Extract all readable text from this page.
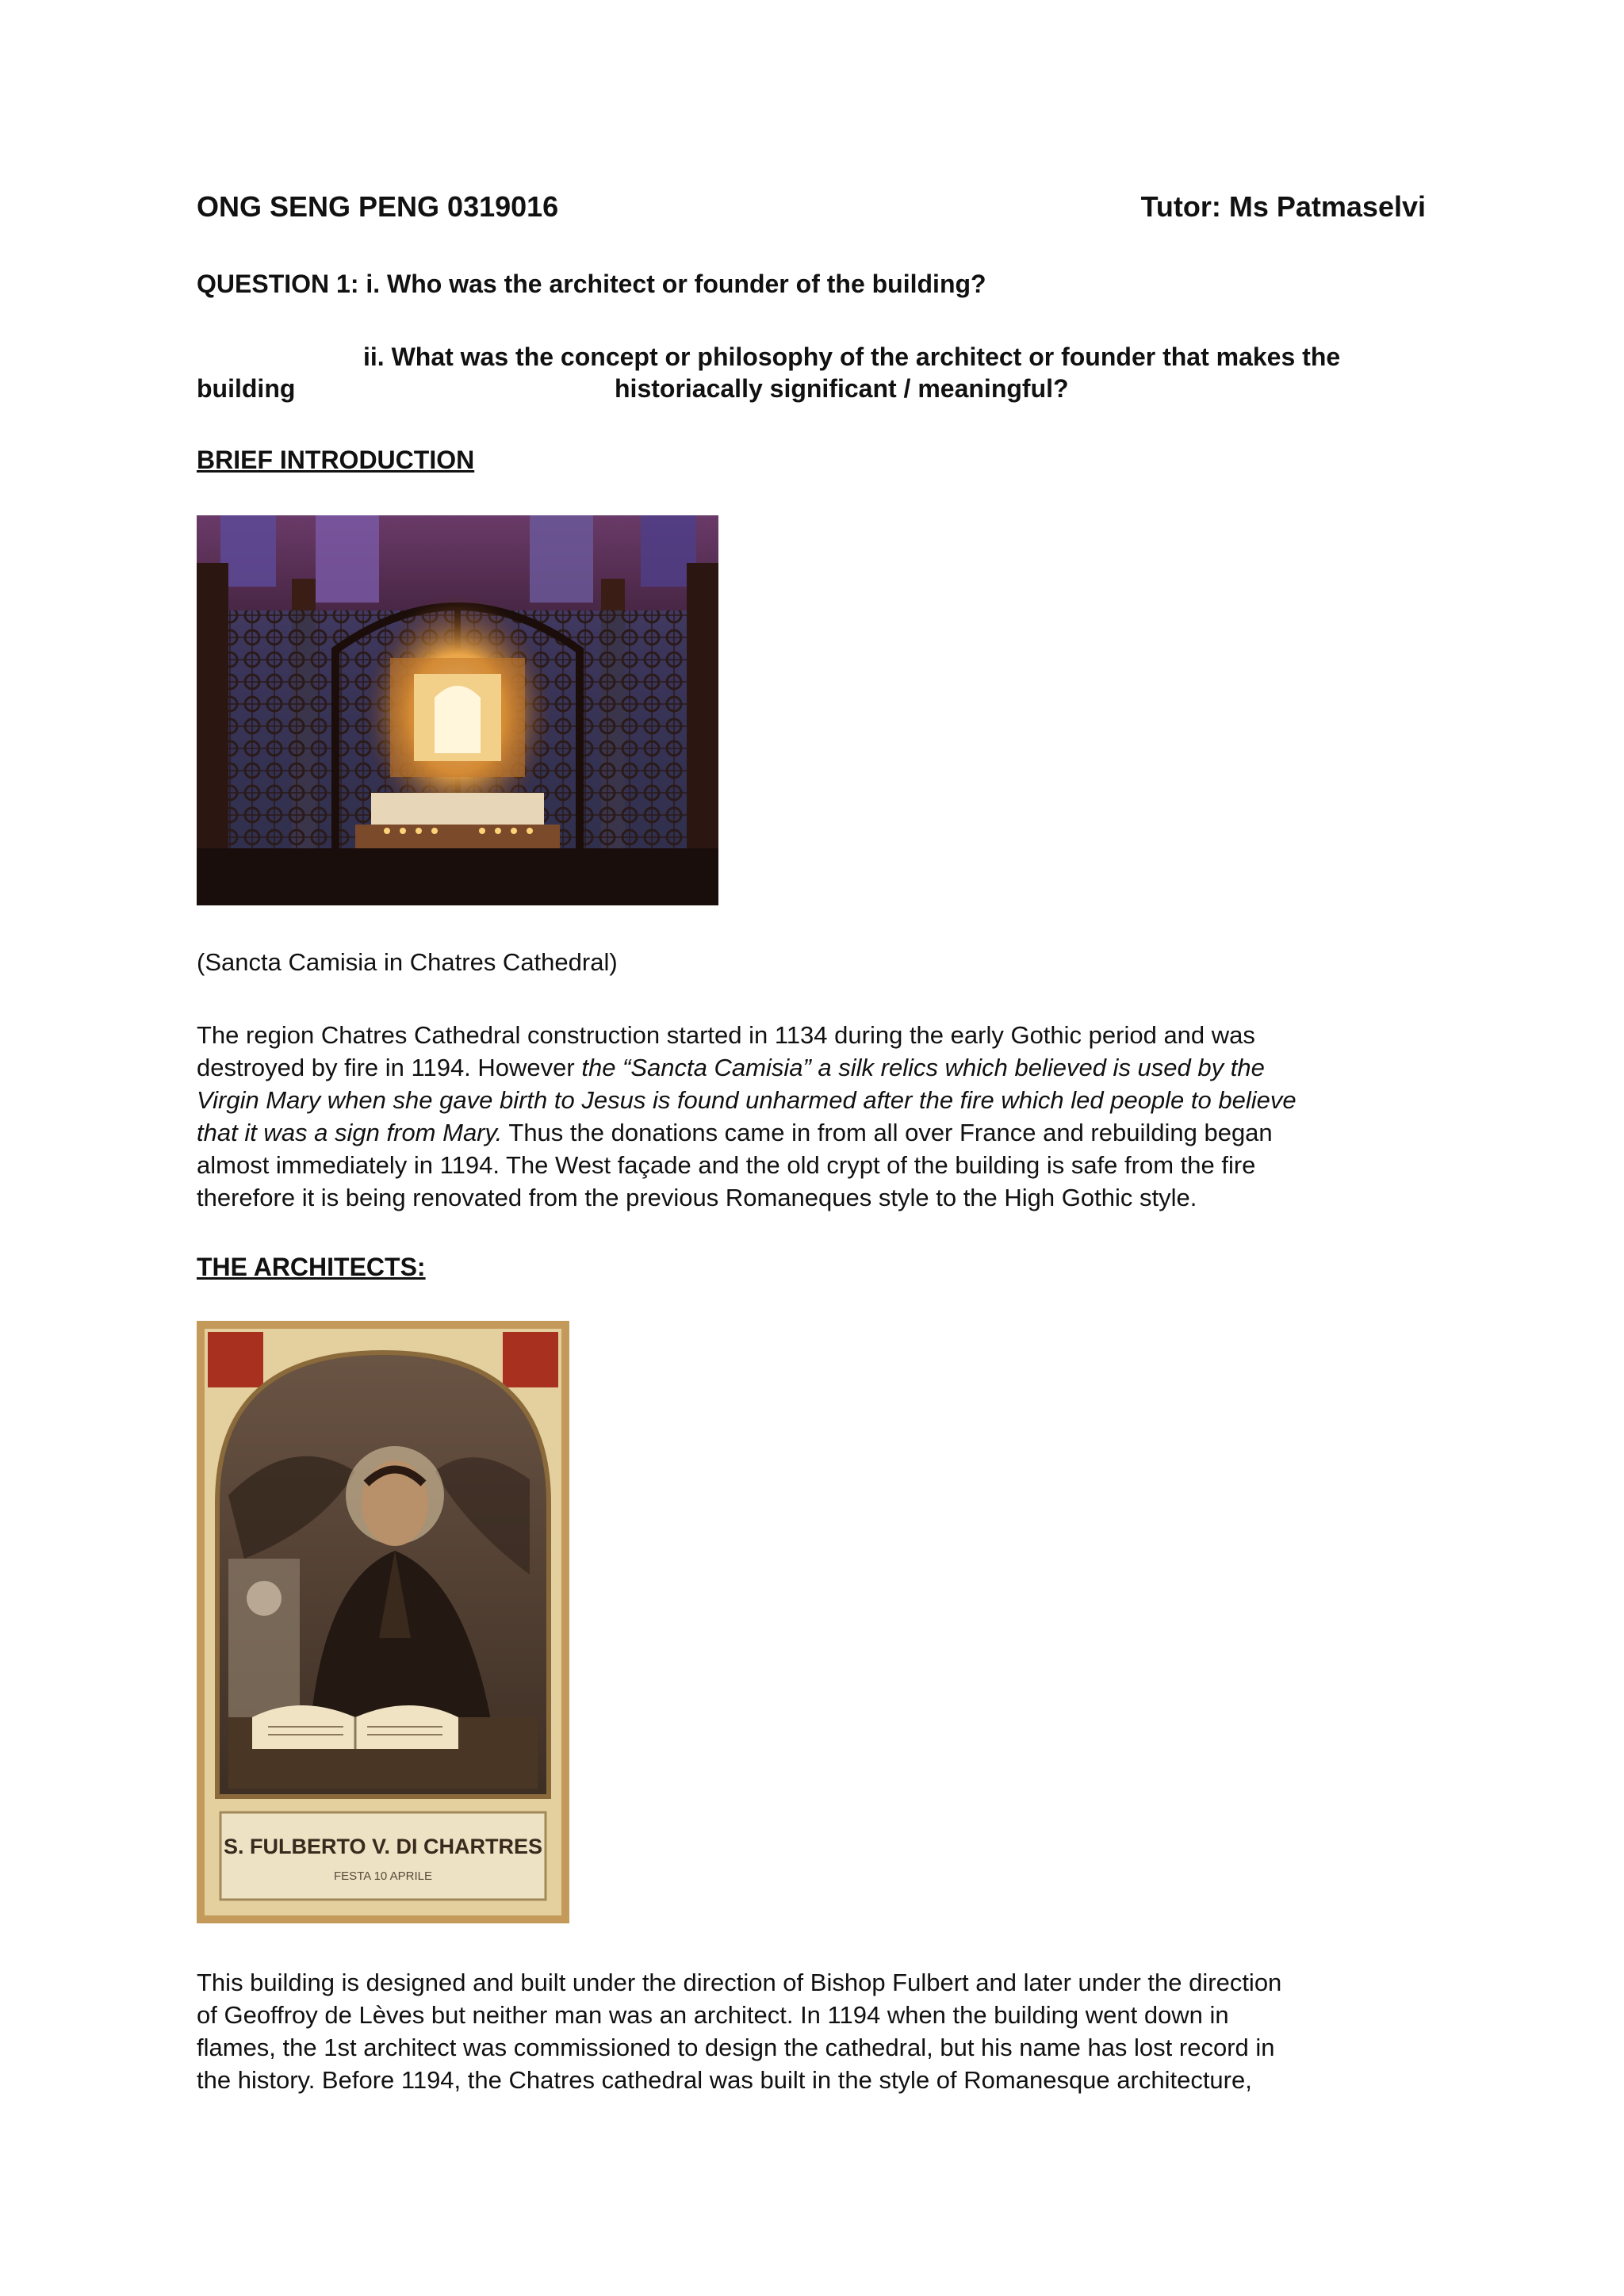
ONG SENG PENG 0319016	Tutor: Ms Patmaselvi
QUESTION 1: i. Who was the architect or founder of the building?
ii. What was the concept or philosophy of the architect or founder that makes the
building	historiacally significant / meaningful?
BRIEF INTRODUCTION
(Sancta Camisia in Chatres Cathedral)
The region Chatres Cathedral construction started in 1134 during the early Gothic period and was
destroyed by fire in 1194. However the “Sancta Camisia” a silk relics which believed is used by the
Virgin Mary when she gave birth to Jesus is found unharmed after the fire which led people to believe
that it was a sign from Mary. Thus the donations came in from all over France and rebuilding began
almost immediately in 1194. The West façade and the old crypt of the building is safe from the fire
therefore it is being renovated from the previous Romaneques style to the High Gothic style.
THE ARCHITECTS:
S. FULBERTO V. DI CHARTRES
FESTA 10 APRILE
This building is designed and built under the direction of Bishop Fulbert and later under the direction
of Geoffroy de Lèves but neither man was an architect. In 1194 when the building went down in
flames, the 1st architect was commissioned to design the cathedral, but his name has lost record in
the history. Before 1194, the Chatres cathedral was built in the style of Romanesque architecture,
